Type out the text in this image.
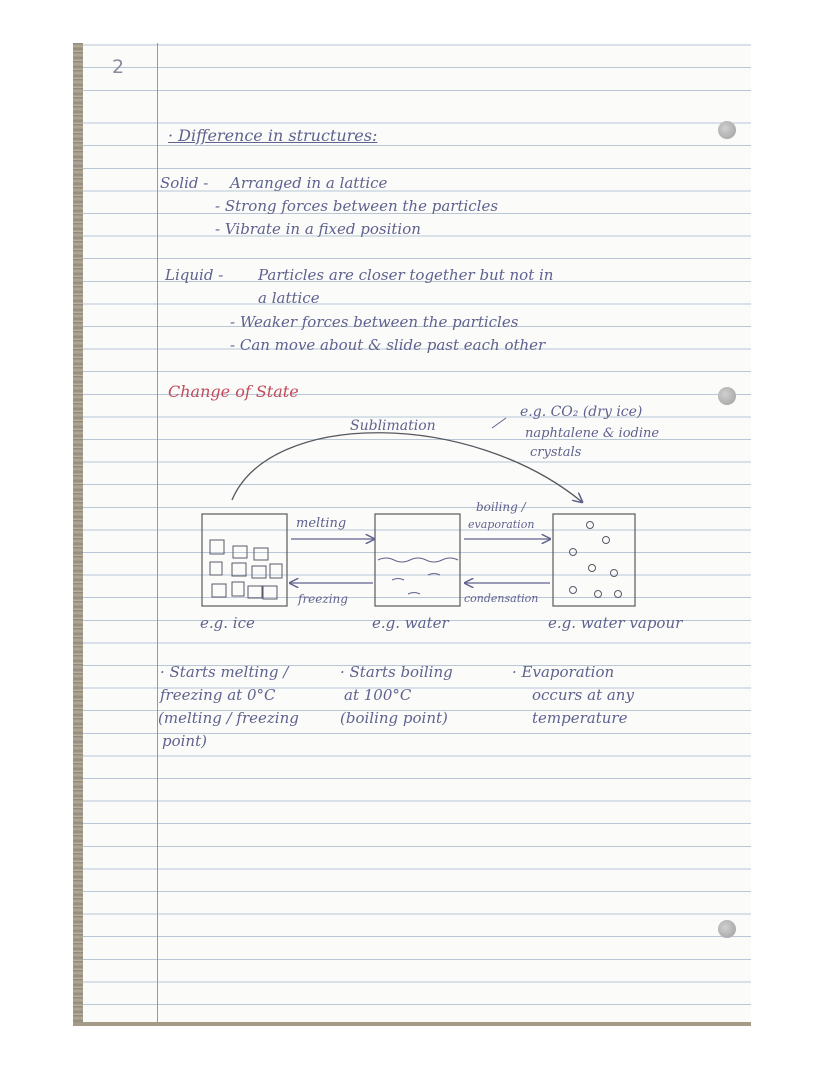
2
· Difference in structures:
Solid - Arranged in a lattice
- Strong forces between the particles
- Vibrate in a fixed position
Liquid - Particles are closer together but not in
a lattice
- Weaker forces between the particles
- Can move about & slide past each other
Change of State
Sublimation
e.g. CO₂ (dry ice)
naphtalene & iodine
crystals
melting
freezing
boiling /
evaporation
condensation
e.g. ice	e.g. water	e.g. water vapour
· Starts melting /
freezing at 0°C
(melting / freezing
point)
· Starts boiling
at 100°C
(boiling point)
· Evaporation
occurs at any
temperature
